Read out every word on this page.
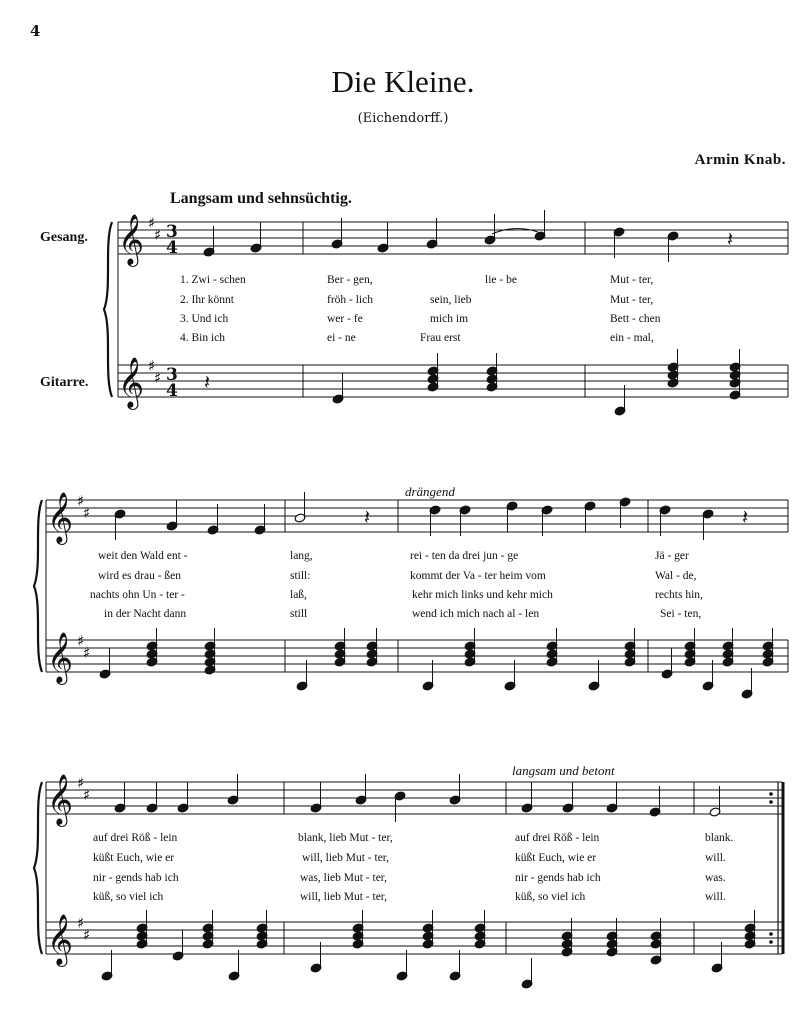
4
Die Kleine.
(Eichendorff.)
Armin Knab.
Langsam und sehnsüchtig.
drängend
langsam und betont
Gesang.
Gitarre.
1. Zwi - schen	Ber - gen,	lie - be	Mut - ter,
2. Ihr könnt	fröh - lich	sein, lieb	Mut - ter,
3. Und ich	wer - fe	mich im	Bett - chen
4. Bin ich	ei - ne	Frau erst	ein - mal,
weit den Wald ent -	lang,	rei - ten da drei jun - ge	Jä - ger
wird es drau - ßen	still:	kommt der Va - ter heim vom	Wal - de,
nachts ohn Un - ter -	laß,	kehr mich links und kehr mich	rechts hin,
in der Nacht dann	still	wend ich mich nach al - len	Sei - ten,
auf drei Röß - lein	blank, lieb Mut - ter,	auf drei Röß - lein	blank.
küßt Euch, wie er	will, lieb Mut - ter,	küßt Euch, wie er	will.
nir - gends hab ich	was, lieb Mut - ter,	nir - gends hab ich	was.
küß, so viel ich	will, lieb Mut - ter,	küß, so viel ich	will.
𝄞
𝄞
♯
♯
♯
♯
3
4
3
4
𝄽
𝄽
𝄞
𝄞
♯
♯
♯
♯
𝄽	𝄽
𝄞
𝄞
♯
♯
♯
♯
